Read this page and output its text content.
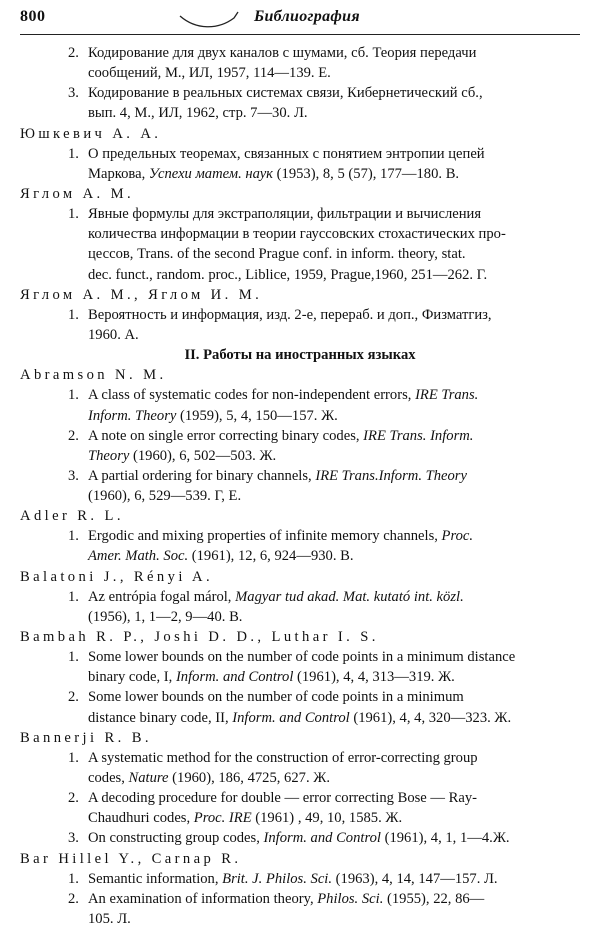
800	Библиография
2. Кодирование для двух каналов с шумами, сб. Теория передачи
сообщений, М., ИЛ, 1957, 114—139. Е.
3. Кодирование в реальных системах связи, Кибернетический сб.,
вып. 4, М., ИЛ, 1962, стр. 7—30. Л.
Юшкевич А. А.
1. О предельных теоремах, связанных с понятием энтропии цепей
Маркова, Успехи матем. наук (1953), 8, 5 (57), 177—180. В.
Яглом А. М.
1. Явные формулы для экстраполяции, фильтрации и вычисления
количества информации в теории гауссовских стохастических про-
цессов, Trans. of the second Prague conf. in inform. theory, stat.
dec. funct., random. proc., Liblice, 1959, Prague,1960, 251—262. Г.
Яглом А. М., Яглом И. М.
1. Вероятность и информация, изд. 2-е, перераб. и доп., Физматгиз,
1960. А.
II. Работы на иностранных языках
Abramson N. M.
1. A class of systematic codes for non-independent errors, IRE Trans.
Inform. Theory (1959), 5, 4, 150—157. Ж.
2. A note on single error correcting binary codes, IRE Trans. Inform.
Theory (1960), 6, 502—503. Ж.
3. A partial ordering for binary channels, IRE Trans.Inform. Theory
(1960), 6, 529—539. Г, Е.
Adler R. L.
1. Ergodic and mixing properties of infinite memory channels, Proc.
Amer. Math. Soc. (1961), 12, 6, 924—930. В.
Balatoni J., Rényi A.
1. Az entrópia fogal márol, Magyar tud akad. Mat. kutató int. közl.
(1956), 1, 1—2, 9—40. В.
Bambah R. P., Joshi D. D., Luthar I. S.
1. Some lower bounds on the number of code points in a minimum distance
binary code, I, Inform. and Control (1961), 4, 4, 313—319. Ж.
2. Some lower bounds on the number of code points in a minimum
distance binary code, II, Inform. and Control (1961), 4, 4, 320—323. Ж.
Bannerji R. B.
1. A systematic method for the construction of error-correcting group
codes, Nature (1960), 186, 4725, 627. Ж.
2. A decoding procedure for double — error correcting Bose — Ray-
Chaudhuri codes, Proc. IRE (1961) , 49, 10, 1585. Ж.
3. On constructing group codes, Inform. and Control (1961), 4, 1, 1—4.Ж.
Bar Hillel Y., Carnap R.
1. Semantic information, Brit. J. Philos. Sci. (1963), 4, 14, 147—157. Л.
2. An examination of information theory, Philos. Sci. (1955), 22, 86—
105. Л.
